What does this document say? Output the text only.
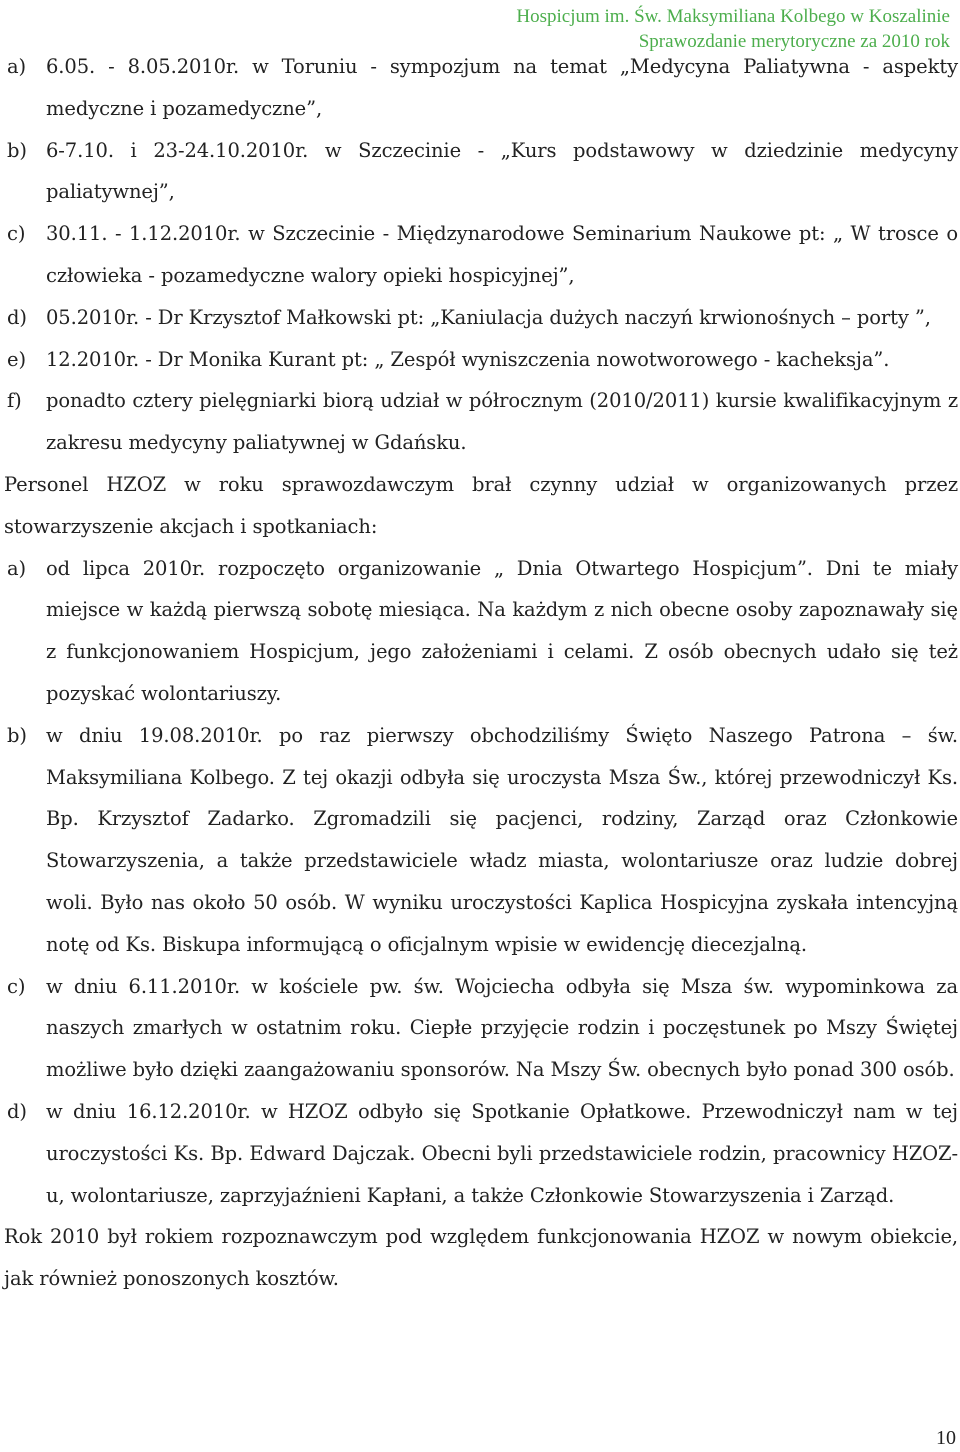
Hospicjum im. Św. Maksymiliana Kolbego w Koszalinie
Sprawozdanie merytoryczne za 2010 rok
a) 6.05. - 8.05.2010r. w Toruniu - sympozjum na temat „Medycyna Paliatywna - aspekty medyczne i pozamedyczne”,
b) 6-7.10. i 23-24.10.2010r. w Szczecinie - „Kurs podstawowy w dziedzinie medycyny paliatywnej”,
c) 30.11. - 1.12.2010r. w Szczecinie - Międzynarodowe Seminarium Naukowe pt: „ W trosce o człowieka - pozamedyczne walory opieki hospicyjnej”,
d) 05.2010r. - Dr Krzysztof Małkowski pt: „Kaniulacja dużych naczyń krwionośnych – porty ”,
e) 12.2010r. - Dr Monika Kurant pt: „ Zespół wyniszczenia nowotworowego - kacheksja”.
f) ponadto cztery pielęgniarki biorą udział w półrocznym (2010/2011) kursie kwalifikacyjnym z zakresu medycyny paliatywnej w Gdańsku.
Personel HZOZ w roku sprawozdawczym brał czynny udział w organizowanych przez stowarzyszenie akcjach i spotkaniach:
a) od lipca 2010r. rozpoczęto organizowanie „ Dnia Otwartego Hospicjum”. Dni te miały miejsce w każdą pierwszą sobotę miesiąca. Na każdym z nich obecne osoby zapoznawały się z funkcjonowaniem Hospicjum, jego założeniami i celami. Z osób obecnych udało się też pozyskać wolontariuszy.
b) w dniu 19.08.2010r. po raz pierwszy obchodziliśmy Święto Naszego Patrona – św. Maksymiliana Kolbego. Z tej okazji odbyła się uroczysta Msza Św., której przewodniczył Ks. Bp. Krzysztof Zadarko. Zgromadzili się pacjenci, rodziny, Zarząd oraz Członkowie Stowarzyszenia, a także przedstawiciele władz miasta, wolontariusze oraz ludzie dobrej woli. Było nas około 50 osób. W wyniku uroczystości Kaplica Hospicyjna zyskała intencyjną notę od Ks. Biskupa informującą o oficjalnym wpisie w ewidencję diecezjalną.
c) w dniu 6.11.2010r. w kościele pw. św. Wojciecha odbyła się Msza św. wypominkowa za naszych zmarłych w ostatnim roku. Ciepłe przyjęcie rodzin i poczęstunek po Mszy Świętej możliwe było dzięki zaangażowaniu sponsorów. Na Mszy Św. obecnych było ponad 300 osób.
d) w dniu 16.12.2010r. w HZOZ odbyło się Spotkanie Opłatkowe. Przewodniczył nam w tej uroczystości Ks. Bp. Edward Dajczak. Obecni byli przedstawiciele rodzin, pracownicy HZOZ-u, wolontariusze, zaprzyjaźnieni Kapłani, a także Członkowie Stowarzyszenia i Zarząd.
Rok 2010 był rokiem rozpoznawczym pod względem funkcjonowania HZOZ w nowym obiekcie, jak również ponoszonych kosztów.
10
